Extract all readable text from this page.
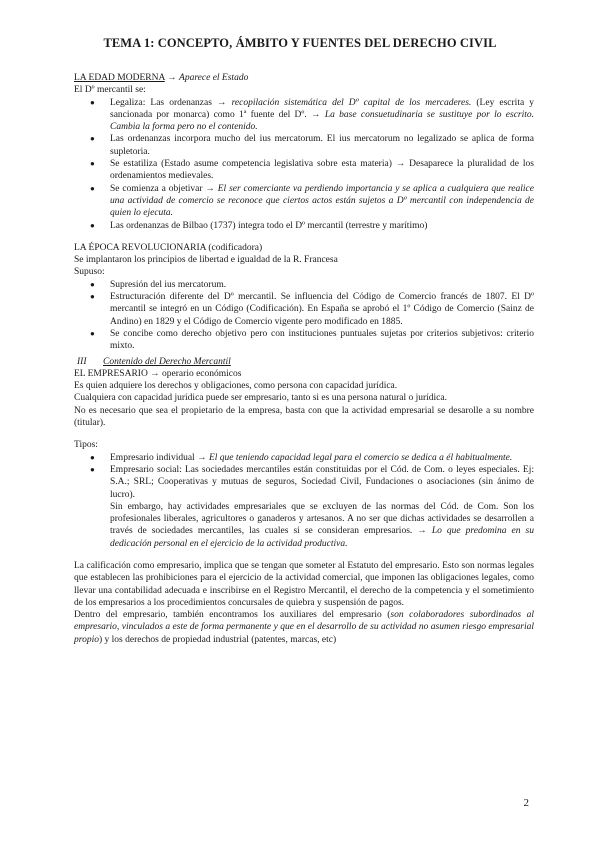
TEMA 1: CONCEPTO, ÁMBITO Y FUENTES DEL DERECHO CIVIL

LA EDAD MODERNA → Aparece el Estado

El Dº mercantil se:

● Legaliza: Las ordenanzas → recopilación sistemática del Dº capital de los mercaderes. (Ley escrita y sancionada por monarca) como 1ª fuente del Dº. → La base consuetudinaria se sustituye por lo escrito. Cambia la forma pero no el contenido.
● Las ordenanzas incorpora mucho del ius mercatorum. El ius mercatorum no legalizado se aplica de forma supletoria.
● Se estatiliza (Estado asume competencia legislativa sobre esta materia) → Desaparece la pluralidad de los ordenamientos medievales.
● Se comienza a objetivar → El ser comerciante va perdiendo importancia y se aplica a cualquiera que realice una actividad de comercio se reconoce que ciertos actos están sujetos a Dº mercantil con independencia de quien lo ejecuta.
● Las ordenanzas de Bilbao (1737) integra todo el Dº mercantil (terrestre y marítimo)

LA ÉPOCA REVOLUCIONARIA (codificadora)

Se implantaron los principios de libertad e igualdad de la R. Francesa

Supuso:

● Supresión del ius mercatorum.
● Estructuración diferente del Dº mercantil. Se influencia del Código de Comercio francés de 1807. El Dº mercantil se integró en un Código (Codificación). En España se aprobó el 1º Código de Comercio (Sainz de Andino) en 1829 y el Código de Comercio vigente pero modificado en 1885.
● Se concibe como derecho objetivo pero con instituciones puntuales sujetas por criterios subjetivos: criterio mixto.

III Contenido del Derecho Mercantil

EL EMPRESARIO → operario económicos

Es quien adquiere los derechos y obligaciones, como persona con capacidad jurídica.

Cualquiera con capacidad jurídica puede ser empresario, tanto si es una persona natural o jurídica.

No es necesario que sea el propietario de la empresa, basta con que la actividad empresarial se desarolle a su nombre (titular).

Tipos:

● Empresario individual → El que teniendo capacidad legal para el comercio se dedica a él habitualmente.
● Empresario social: Las sociedades mercantiles están constituidas por el Cód. de Com. o leyes especiales. Ej: S.A.; SRL; Cooperativas y mutuas de seguros, Sociedad Civil, Fundaciones o asociaciones (sin ánimo de lucro).

Sin embargo, hay actividades empresariales que se excluyen de las normas del Cód. de Com. Son los profesionales liberales, agricultores o ganaderos y artesanos. A no ser que dichas actividades se desarrollen a través de sociedades mercantiles, las cuales si se consideran empresarios. → Lo que predomina en su dedicación personal en el ejercicio de la actividad productiva.

La calificación como empresario, implica que se tengan que someter al Estatuto del empresario. Esto son normas legales que establecen las prohibiciones para el ejercicio de la actividad comercial, que imponen las obligaciones legales, como llevar una contabilidad adecuada e inscribirse en el Registro Mercantil, el derecho de la competencia y el sometimiento de los empresarios a los procedimientos concursales de quiebra y suspensión de pagos.

Dentro del empresario, también encontramos los auxiliares del empresario (son colaboradores subordinados al empresario, vinculados a este de forma permanente y que en el desarrollo de su actividad no asumen riesgo empresarial propio) y los derechos de propiedad industrial (patentes, marcas, etc)

2
